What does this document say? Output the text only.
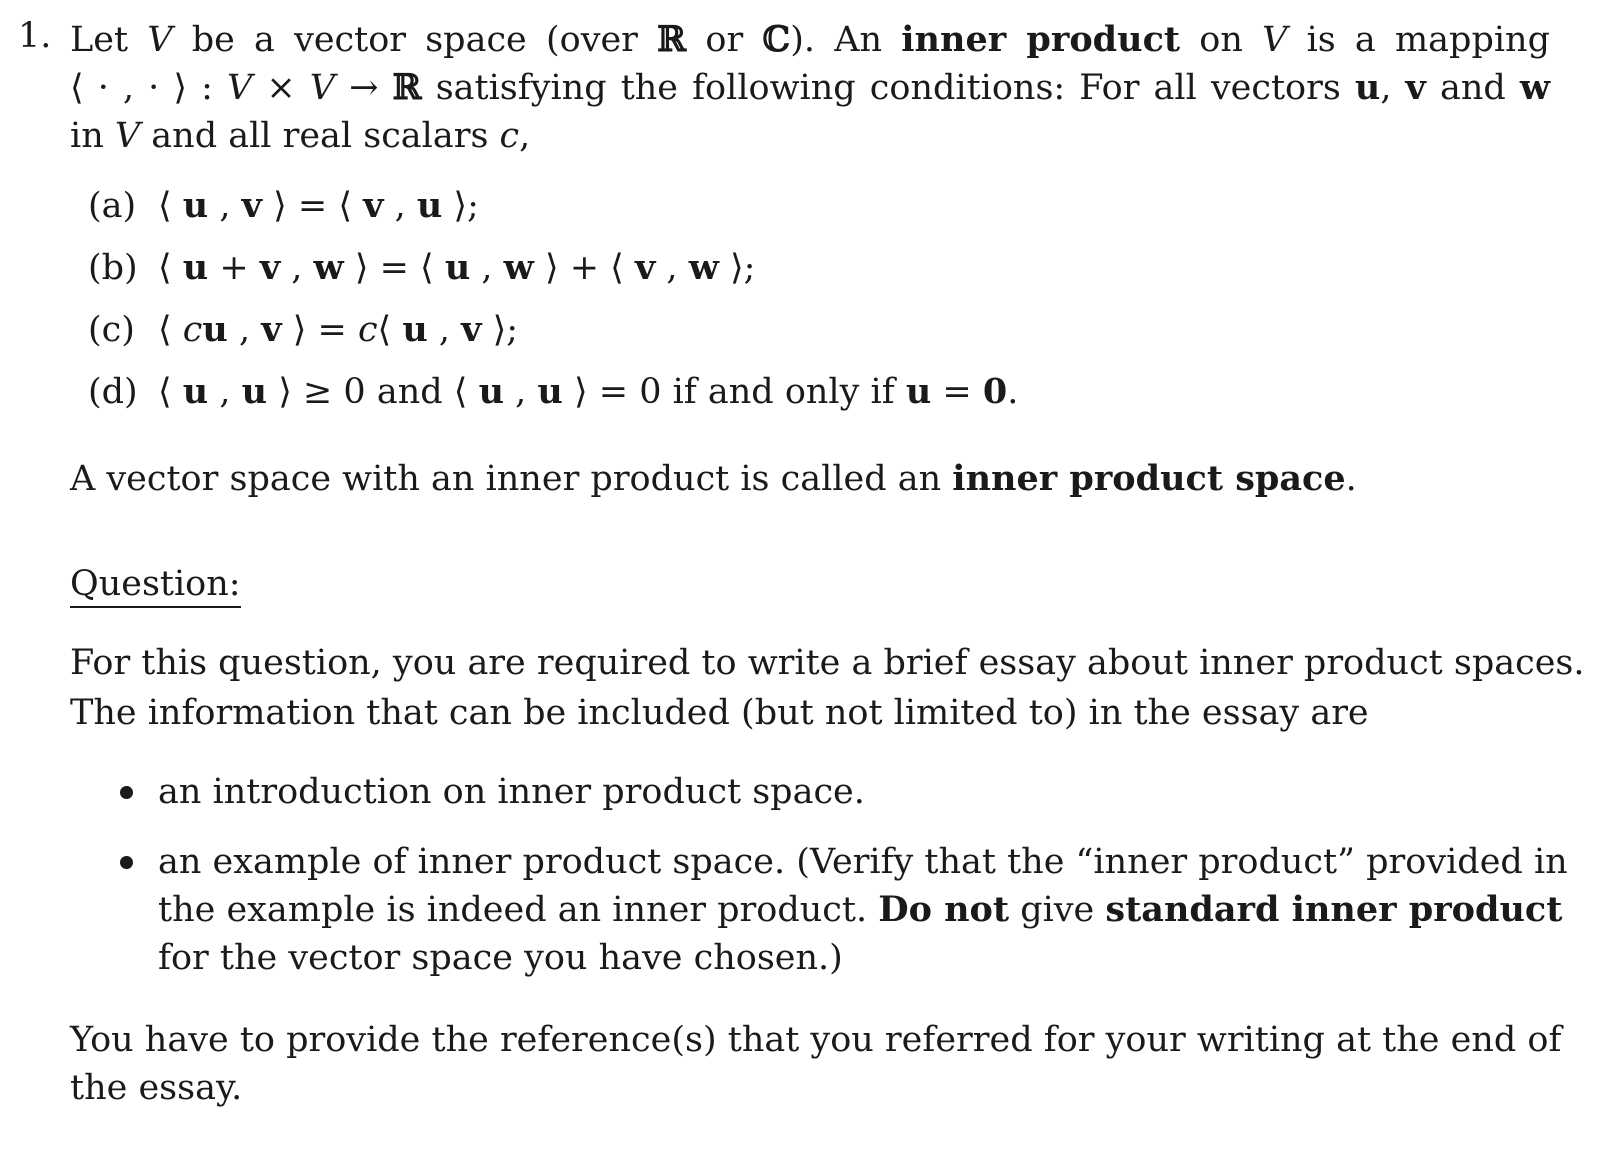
1. Let V be a vector space (over ℝ or ℂ). An inner product on V is a mapping
⟨ · , · ⟩ : V × V → ℝ satisfying the following conditions: For all vectors u, v and w
in V and all real scalars c,
(a) ⟨ u , v ⟩ = ⟨ v , u ⟩;
(b) ⟨ u + v , w ⟩ = ⟨ u , w ⟩ + ⟨ v , w ⟩;
(c) ⟨ cu , v ⟩ = c⟨ u , v ⟩;
(d) ⟨ u , u ⟩ ≥ 0 and ⟨ u , u ⟩ = 0 if and only if u = 0.
A vector space with an inner product is called an inner product space.
Question:
For this question, you are required to write a brief essay about inner product spaces.
The information that can be included (but not limited to) in the essay are
an introduction on inner product space.
an example of inner product space. (Verify that the “inner product” provided in
the example is indeed an inner product. Do not give standard inner product
for the vector space you have chosen.)
You have to provide the reference(s) that you referred for your writing at the end of
the essay.
